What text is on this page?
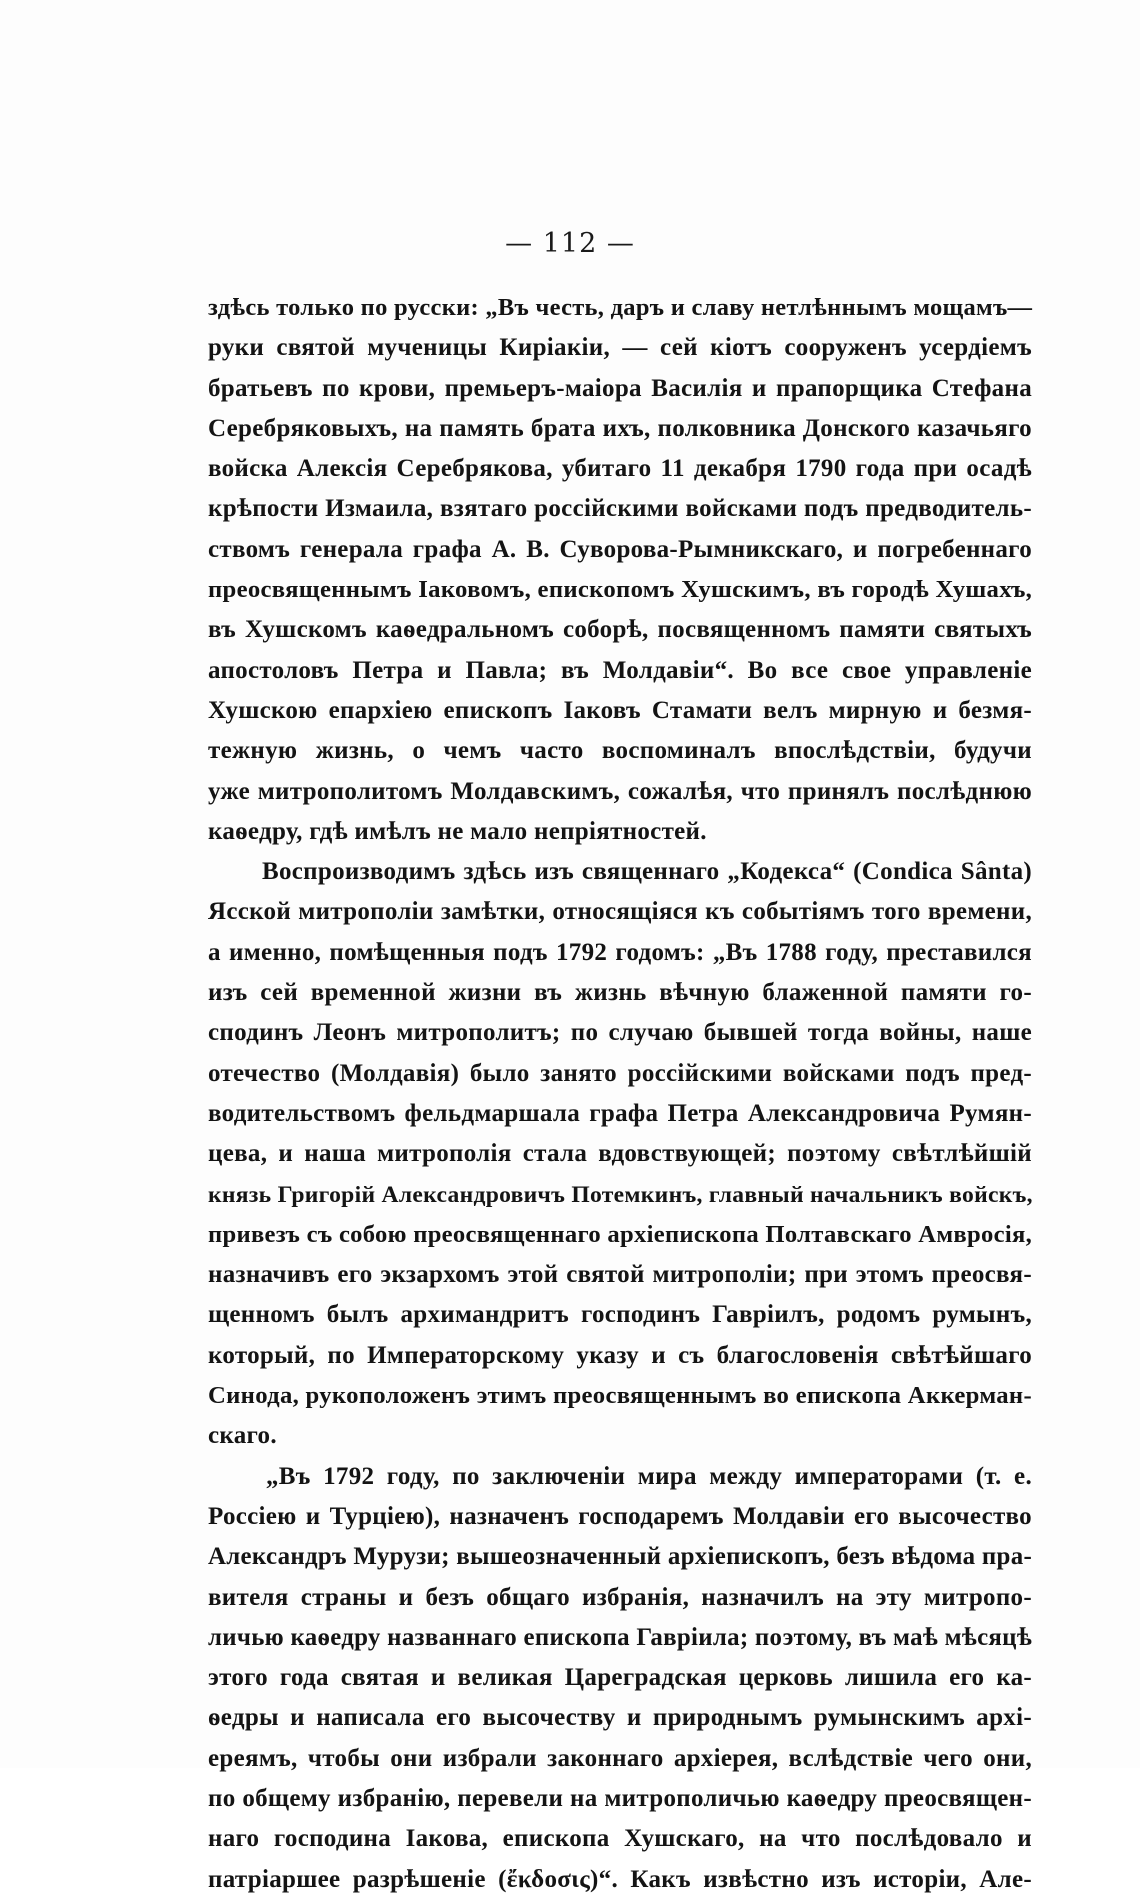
— 112 —
здѣсь только по русски: „Въ честь, даръ и славу нетлѣннымъ мощамъ—
руки святой мученицы Киріакіи, — сей кіотъ сооруженъ усердіемъ
братьевъ по крови, премьеръ-маіора Василія и прапорщика Стефана
Серебряковыхъ, на память брата ихъ, полковника Донского казачьяго
войска Алексія Серебрякова, убитаго 11 декабря 1790 года при осадѣ
крѣпости Измаила, взятаго россійскими войсками подъ предводитель-
ствомъ генерала графа А. В. Суворова-Рымникскаго, и погребеннаго
преосвященнымъ Іаковомъ, епископомъ Хушскимъ, въ городѣ Хушахъ,
въ Хушскомъ каѳедральномъ соборѣ, посвященномъ памяти святыхъ
апостоловъ Петра и Павла; въ Молдавіи“. Во все свое управленіе
Хушскою епархіею епископъ Іаковъ Стамати велъ мирную и безмя-
тежную жизнь, о чемъ часто воспоминалъ впослѣдствіи, будучи
уже митрополитомъ Молдавскимъ, сожалѣя, что принялъ послѣднюю
каѳедру, гдѣ имѣлъ не мало непріятностей.
Воспроизводимъ здѣсь изъ священнаго „Кодекса“ (Condica Sânta)
Ясской митрополіи замѣтки, относящіяся къ событіямъ того времени,
а именно, помѣщенныя подъ 1792 годомъ: „Въ 1788 году, преставился
изъ сей временной жизни въ жизнь вѣчную блаженной памяти го-
сподинъ Леонъ митрополитъ; по случаю бывшей тогда войны, наше
отечество (Молдавія) было занято россійскими войсками подъ пред-
водительствомъ фельдмаршала графа Петра Александровича Румян-
цева, и наша митрополія стала вдовствующей; поэтому свѣтлѣйшій
князь Григорій Александровичъ Потемкинъ, главный начальникъ войскъ,
привезъ съ собою преосвященнаго архіепископа Полтавскаго Амвросія,
назначивъ его экзархомъ этой святой митрополіи; при этомъ преосвя-
щенномъ былъ архимандритъ господинъ Гавріилъ, родомъ румынъ,
который, по Императорскому указу и съ благословенія свѣтѣйшаго
Синода, рукоположенъ этимъ преосвященнымъ во епископа Аккерман-
скаго.
„Въ 1792 году, по заключеніи мира между императорами (т. е.
Россіею и Турціею), назначенъ господаремъ Молдавіи его высочество
Александръ Мурузи; вышеозначенный архіепископъ, безъ вѣдома пра-
вителя страны и безъ общаго избранія, назначилъ на эту митропо-
личью каѳедру названнаго епископа Гавріила; поэтому, въ маѣ мѣсяцѣ
этого года святая и великая Цареградская церковь лишила его ка-
ѳедры и написала его высочеству и природнымъ румынскимъ архі-
ереямъ, чтобы они избрали законнаго архіерея, вслѣдствіе чего они,
по общему избранію, перевели на митрополичью каѳедру преосвящен-
наго господина Іакова, епископа Хушскаго, на что послѣдовало и
патріаршее разрѣшеніе (ἔκδοσις)“. Какъ извѣстно изъ исторіи, Але-
